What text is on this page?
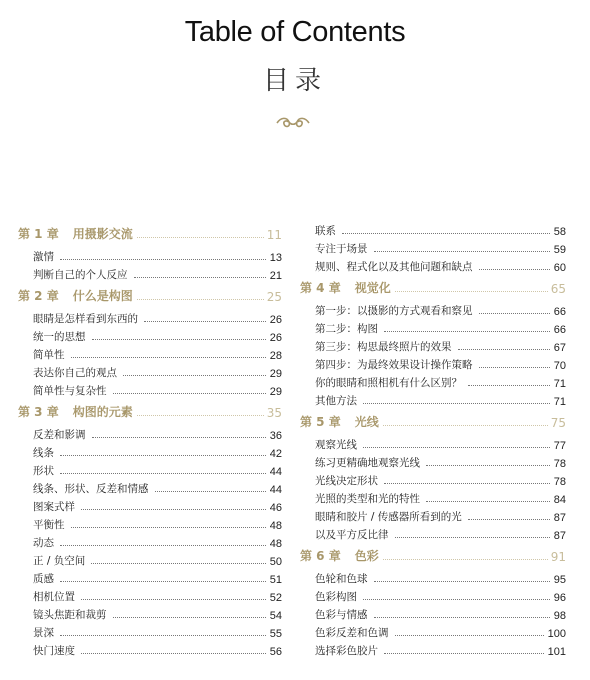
Table of Contents
目录
第 1 章 用摄影交流	11
激情	13
判断自己的个人反应	21
第 2 章 什么是构图	25
眼睛是怎样看到东西的	26
统一的思想	26
简单性	28
表达你自己的观点	29
简单性与复杂性	29
第 3 章 构图的元素	35
反差和影调	36
线条	42
形状	44
线条、形状、反差和情感	44
图案式样	46
平衡性	48
动态	48
正 / 负空间	50
质感	51
相机位置	52
镜头焦距和裁剪	54
景深	55
快门速度	56
联系	58
专注于场景	59
规则、程式化以及其他问题和缺点	60
第 4 章 视觉化	65
第一步：以摄影的方式观看和察见	66
第二步：构图	66
第三步：构思最终照片的效果	67
第四步：为最终效果设计操作策略	70
你的眼睛和照相机有什么区别？	71
其他方法	71
第 5 章 光线	75
观察光线	77
练习更精确地观察光线	78
光线决定形状	78
光照的类型和光的特性	84
眼睛和胶片 / 传感器所看到的光	87
以及平方反比律	87
第 6 章 色彩	91
色轮和色球	95
色彩构图	96
色彩与情感	98
色彩反差和色调	100
选择彩色胶片	101
